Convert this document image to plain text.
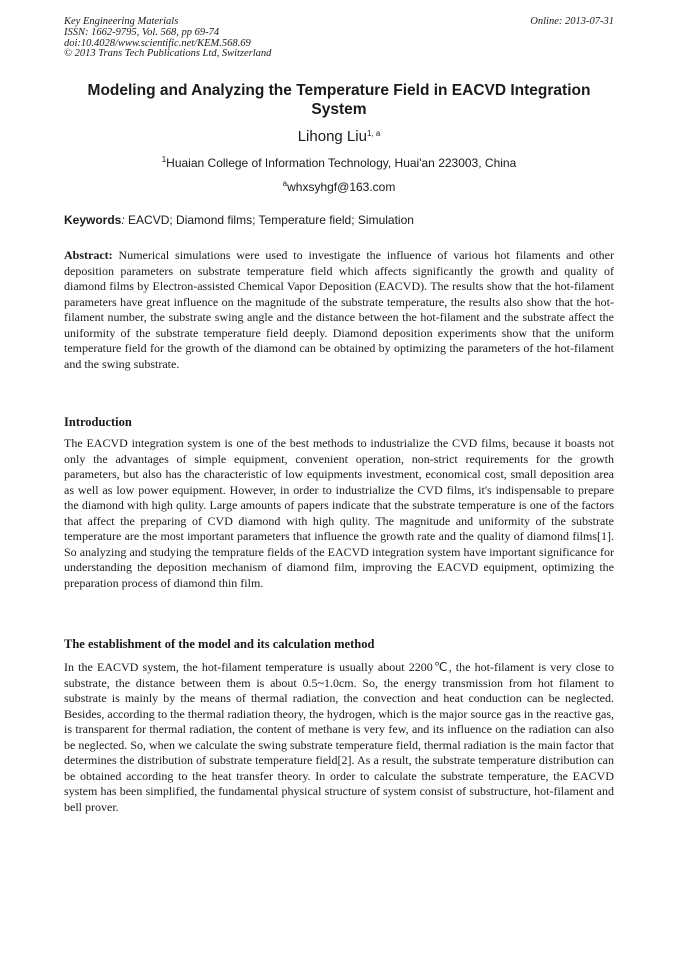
Key Engineering Materials
ISSN: 1662-9795, Vol. 568, pp 69-74
doi:10.4028/www.scientific.net/KEM.568.69
© 2013 Trans Tech Publications Ltd, Switzerland
Online: 2013-07-31
Modeling and Analyzing the Temperature Field in EACVD Integration System
Lihong Liu$^{1, a}$
$^1$Huaian College of Information Technology, Huai'an 223003, China
$^a$whxsyhgf@163.com
Keywords: EACVD; Diamond films; Temperature field; Simulation
Abstract: Numerical simulations were used to investigate the influence of various hot filaments and other deposition parameters on substrate temperature field which affects significantly the growth and quality of diamond films by Electron-assisted Chemical Vapor Deposition (EACVD). The results show that the hot-filament parameters have great influence on the magnitude of the substrate temperature, the results also show that the hot-filament number, the substrate swing angle and the distance between the hot-filament and the substrate affect the uniformity of the substrate temperature field deeply. Diamond deposition experiments show that the uniform temperature field for the growth of the diamond can be obtained by optimizing the parameters of the hot-filament and the swing substrate.
Introduction
The EACVD integration system is one of the best methods to industrialize the CVD films, because it boasts not only the advantages of simple equipment, convenient operation, non-strict requirements for the growth parameters, but also has the characteristic of low equipments investment, economical cost, small deposition area as well as low power equipment. However, in order to industrialize the CVD films, it's indispensable to prepare the diamond with high qulity. Large amounts of papers indicate that the substrate temperature is one of the factors that affect the preparing of CVD diamond with high qulity. The magnitude and uniformity of the substrate temperature are the most important parameters that influence the growth rate and the quality of diamond films[1]. So analyzing and studying the temprature fields of the EACVD integration system have important significance for understanding the deposition mechanism of diamond film, improving the EACVD equipment, optimizing the preparation process of diamond thin film.
The establishment of the model and its calculation method
In the EACVD system, the hot-filament temperature is usually about 2200℃, the hot-filament is very close to substrate, the distance between them is about 0.5~1.0cm. So, the energy transmission from hot filament to substrate is mainly by the means of thermal radiation, the convection and heat conduction can be neglected. Besides, according to the thermal radiation theory, the hydrogen, which is the major source gas in the reactive gas, is transparent for thermal radiation, the content of methane is very few, and its influence on the radiation can also be neglected. So, when we calculate the swing substrate temperature field, thermal radiation is the main factor that determines the distribution of substrate temperature field[2]. As a result, the substrate temperature distribution can be obtained according to the heat transfer theory. In order to calculate the substrate temperature, the EACVD system has been simplified, the fundamental physical structure of system consist of substructure, hot-filament and bell prover.
